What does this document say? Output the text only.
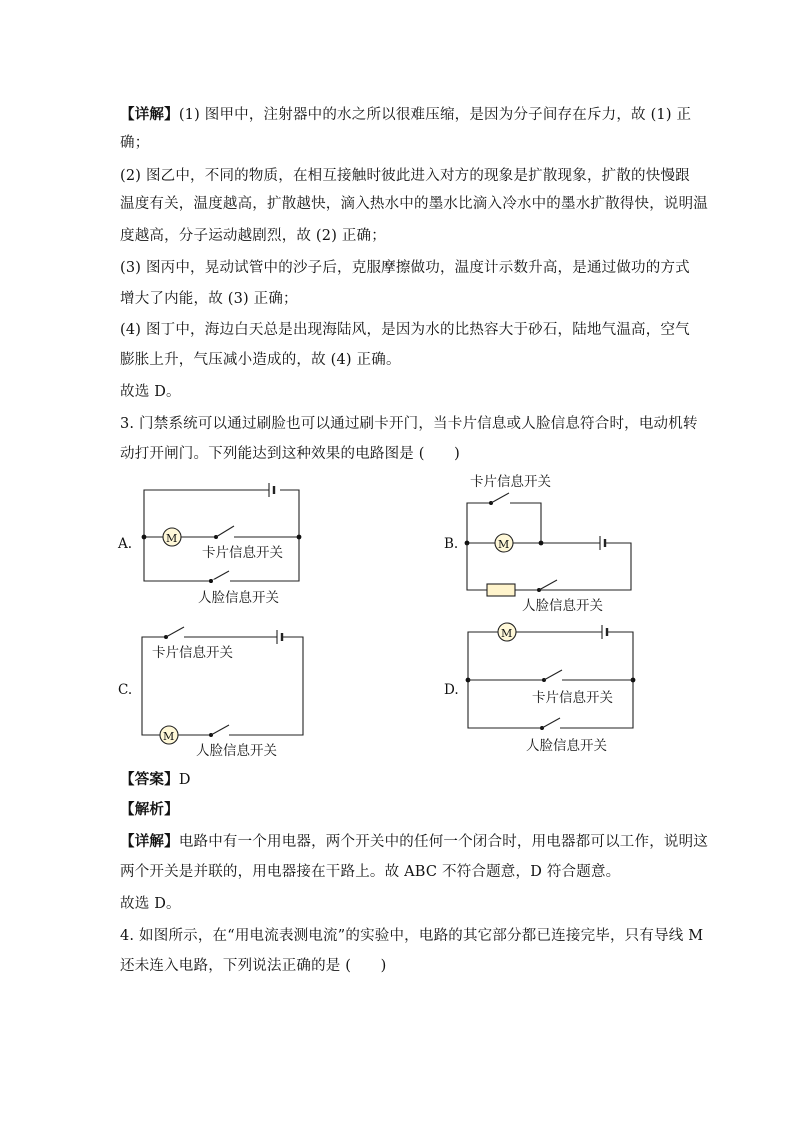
【详解】(1) 图甲中，注射器中的水之所以很难压缩，是因为分子间存在斥力，故 (1) 正
确；
(2) 图乙中，不同的物质，在相互接触时彼此进入对方的现象是扩散现象，扩散的快慢跟
温度有关，温度越高，扩散越快，滴入热水中的墨水比滴入冷水中的墨水扩散得快，说明温
度越高，分子运动越剧烈，故 (2) 正确；
(3) 图丙中，晃动试管中的沙子后，克服摩擦做功，温度计示数升高，是通过做功的方式
增大了内能，故 (3) 正确；
(4) 图丁中，海边白天总是出现海陆风，是因为水的比热容大于砂石，陆地气温高，空气
膨胀上升，气压减小造成的，故 (4) 正确。
故选 D。
3. 门禁系统可以通过刷脸也可以通过刷卡开门，当卡片信息或人脸信息符合时，电动机转
动打开闸门。下列能达到这种效果的电路图是 (　　)
A.	M
卡片信息开关
人脸信息开关
B.
卡片信息开关
M
人脸信息开关
C.
卡片信息开关
M
人脸信息开关
D.
M
卡片信息开关
人脸信息开关
【答案】D
【解析】
【详解】电路中有一个用电器，两个开关中的任何一个闭合时，用电器都可以工作，说明这
两个开关是并联的，用电器接在干路上。故 ABC 不符合题意，D 符合题意。
故选 D。
4. 如图所示，在“用电流表测电流”的实验中，电路的其它部分都已连接完毕，只有导线 M
还未连入电路，下列说法正确的是 (　　)
